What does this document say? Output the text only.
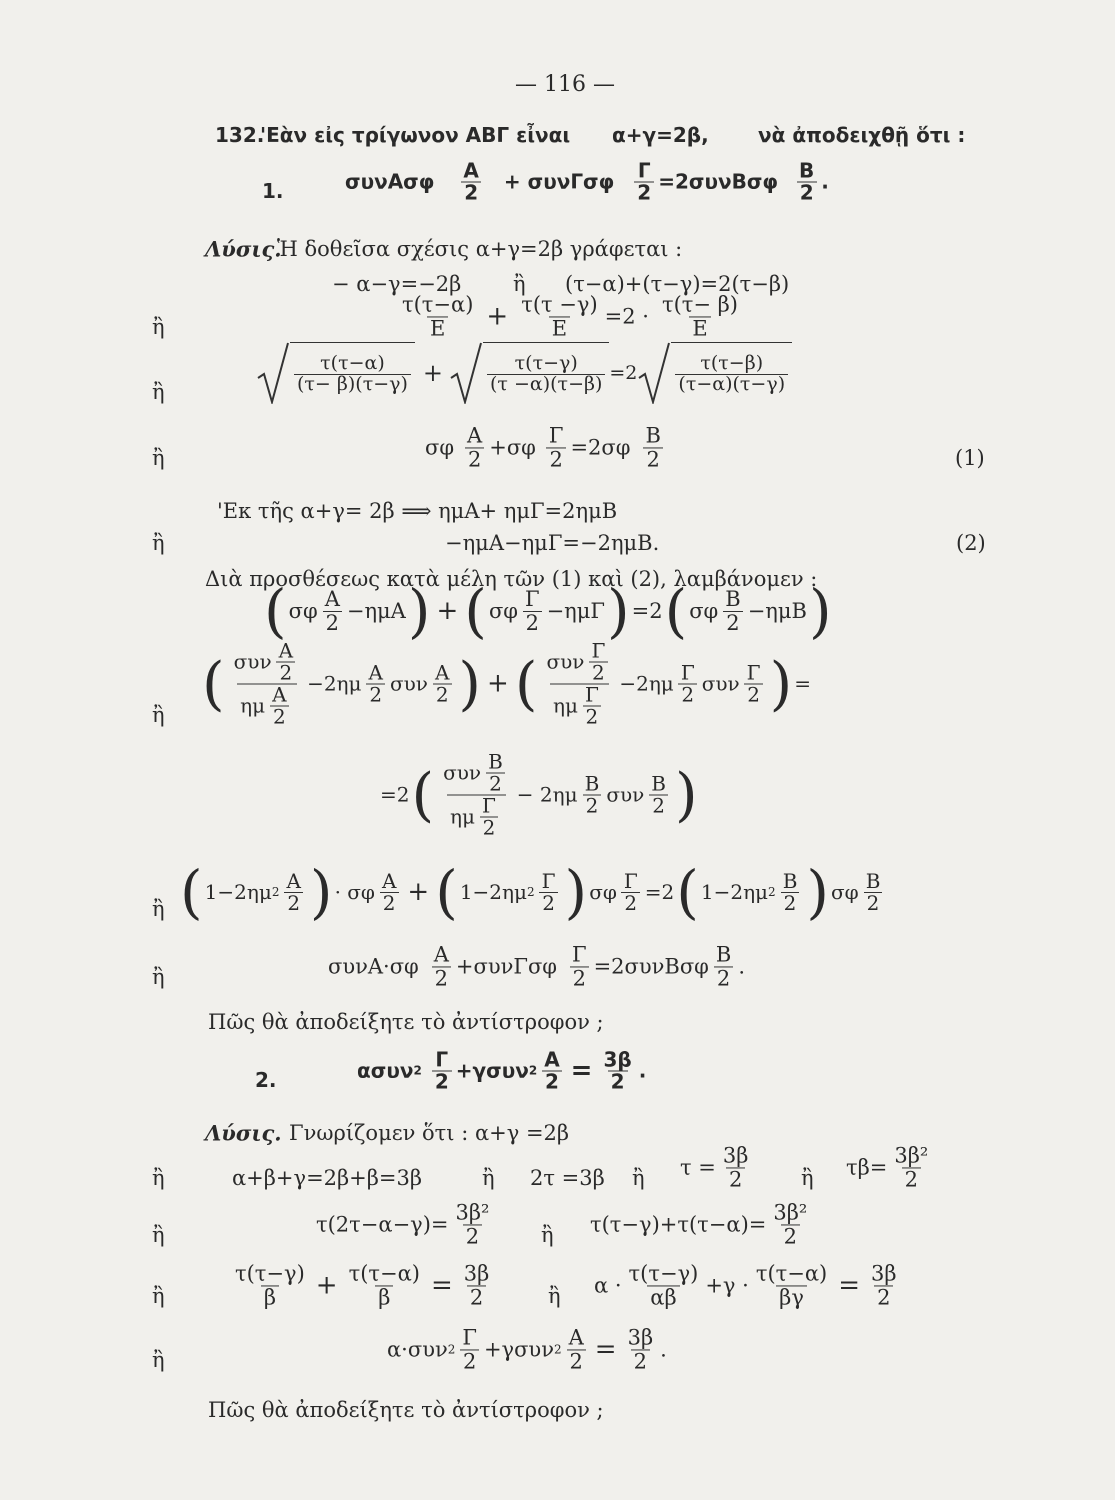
— 116 —
132.
'Εὰν εἰς τρίγωνον ΑΒΓ εἶναι α+γ=2β, νὰ ἀποδειχθῇ ὅτι :
1.	συνΑσφ Α
2 + συνΓσφ $\frac{\Gamma}{2} =2\sigma\upsilon\nu B\sigma\varphi$ Β
2 .
Λύσις.
Ἡ δοθεῖσα σχέσις α+γ=2β γράφεται :
− α−γ=−2β ἢ (τ−α)+(τ−γ)=2(τ−β)
ἢ
τ(τ−α)
$E + \frac{\tau(\tau -\gamma)}{E} =2 \cdot \tau(\tau- \beta)$
Ε
ἢ
τ(τ−α)
(τ− β)(τ−γ) +	τ(τ−γ)
(τ −α)(τ−β) =2	τ(τ−β)
(τ−α)(τ−γ)
ἢ	σφ Α
$2 +\sigma\varphi \frac{\Gamma}{2} =2\sigma\varphi$ Β
2	(1)
'Εκ τῆς α+γ= 2β ⟹ ημΑ+ ημΓ=2ημΒ
ἢ	−ημΑ−ημΓ=−2ημΒ.	(2)
Διὰ προσθέσεως κατὰ μέλη τῶν (1) καὶ (2), λαμβάνομεν :
( σφ Α
2 −ημΑ ) + ( σφ Γ
2 −ημΓ ) =2 ( σφ Β
2 −ημΒ )
ἢ ( συν Α
2
ημ Α
2
−2ημ Α
2 συν Α
2 ) + ( συν Γ
2
ημ Γ
2
−2ημ Γ
2 συν Γ
2 ) =
=2 ( συν Β
2
ημ Γ
2
− 2ημ Β
2 συν Β
2 )
ἢ ( 1−2ημ 2 Α
2 ) · σφ Α
2 + ( 1−2ημ 2 Γ
2 ) σφ $\frac{\Gamma}{2} =2$ ( 1−2ημ 2 Β
2 ) σφ Β
2
ἢ	συνΑ·σφ Α
$2 +\sigma\upsilon\nu\Gamma\sigma\varphi \frac{\Gamma}{2} =2\sigma\upsilon\nu B\sigma\varphi$ Β
2 .
Πῶς θὰ ἀποδείξητε τὸ ἀντίστροφον ;
2.	ασυν 2 Γ
2 +γσυν $2 \frac{A}{2} = \frac{3\beta}{2}$ .
Λύσις. Γνωρίζομεν ὅτι : α+γ =2β
ἢ	α+β+γ=2β+β=3β	ἢ 2τ =3β ἢ $\tau = \frac{3\beta}{2}$ ἢ $\tau\beta= \frac{\text{3β²}}{2}$
ἢ	$\tau(2\tau-\alpha-\gamma)= \frac{\text{3β²}}{2}$ ἢ $\tau(\tau-\gamma)+\tau(\tau-\alpha)= \frac{\text{3β²}}{2}$
ἢ
τ(τ−γ)
$\beta + \frac{\tau(\tau-\alpha)}{\beta} = \frac{3\beta}{2}$	ἢ α · τ(τ−γ)
$\alpha\beta +\gamma \cdot \frac{\tau(\tau-\alpha)}{\beta\gamma} = \frac{3\beta}{2}$
ἢ	α·συν 2 Γ
2 +γσυν $2 \frac{A}{2} = \frac{3\beta}{2}$ .
Πῶς θὰ ἀποδείξητε τὸ ἀντίστροφον ;
